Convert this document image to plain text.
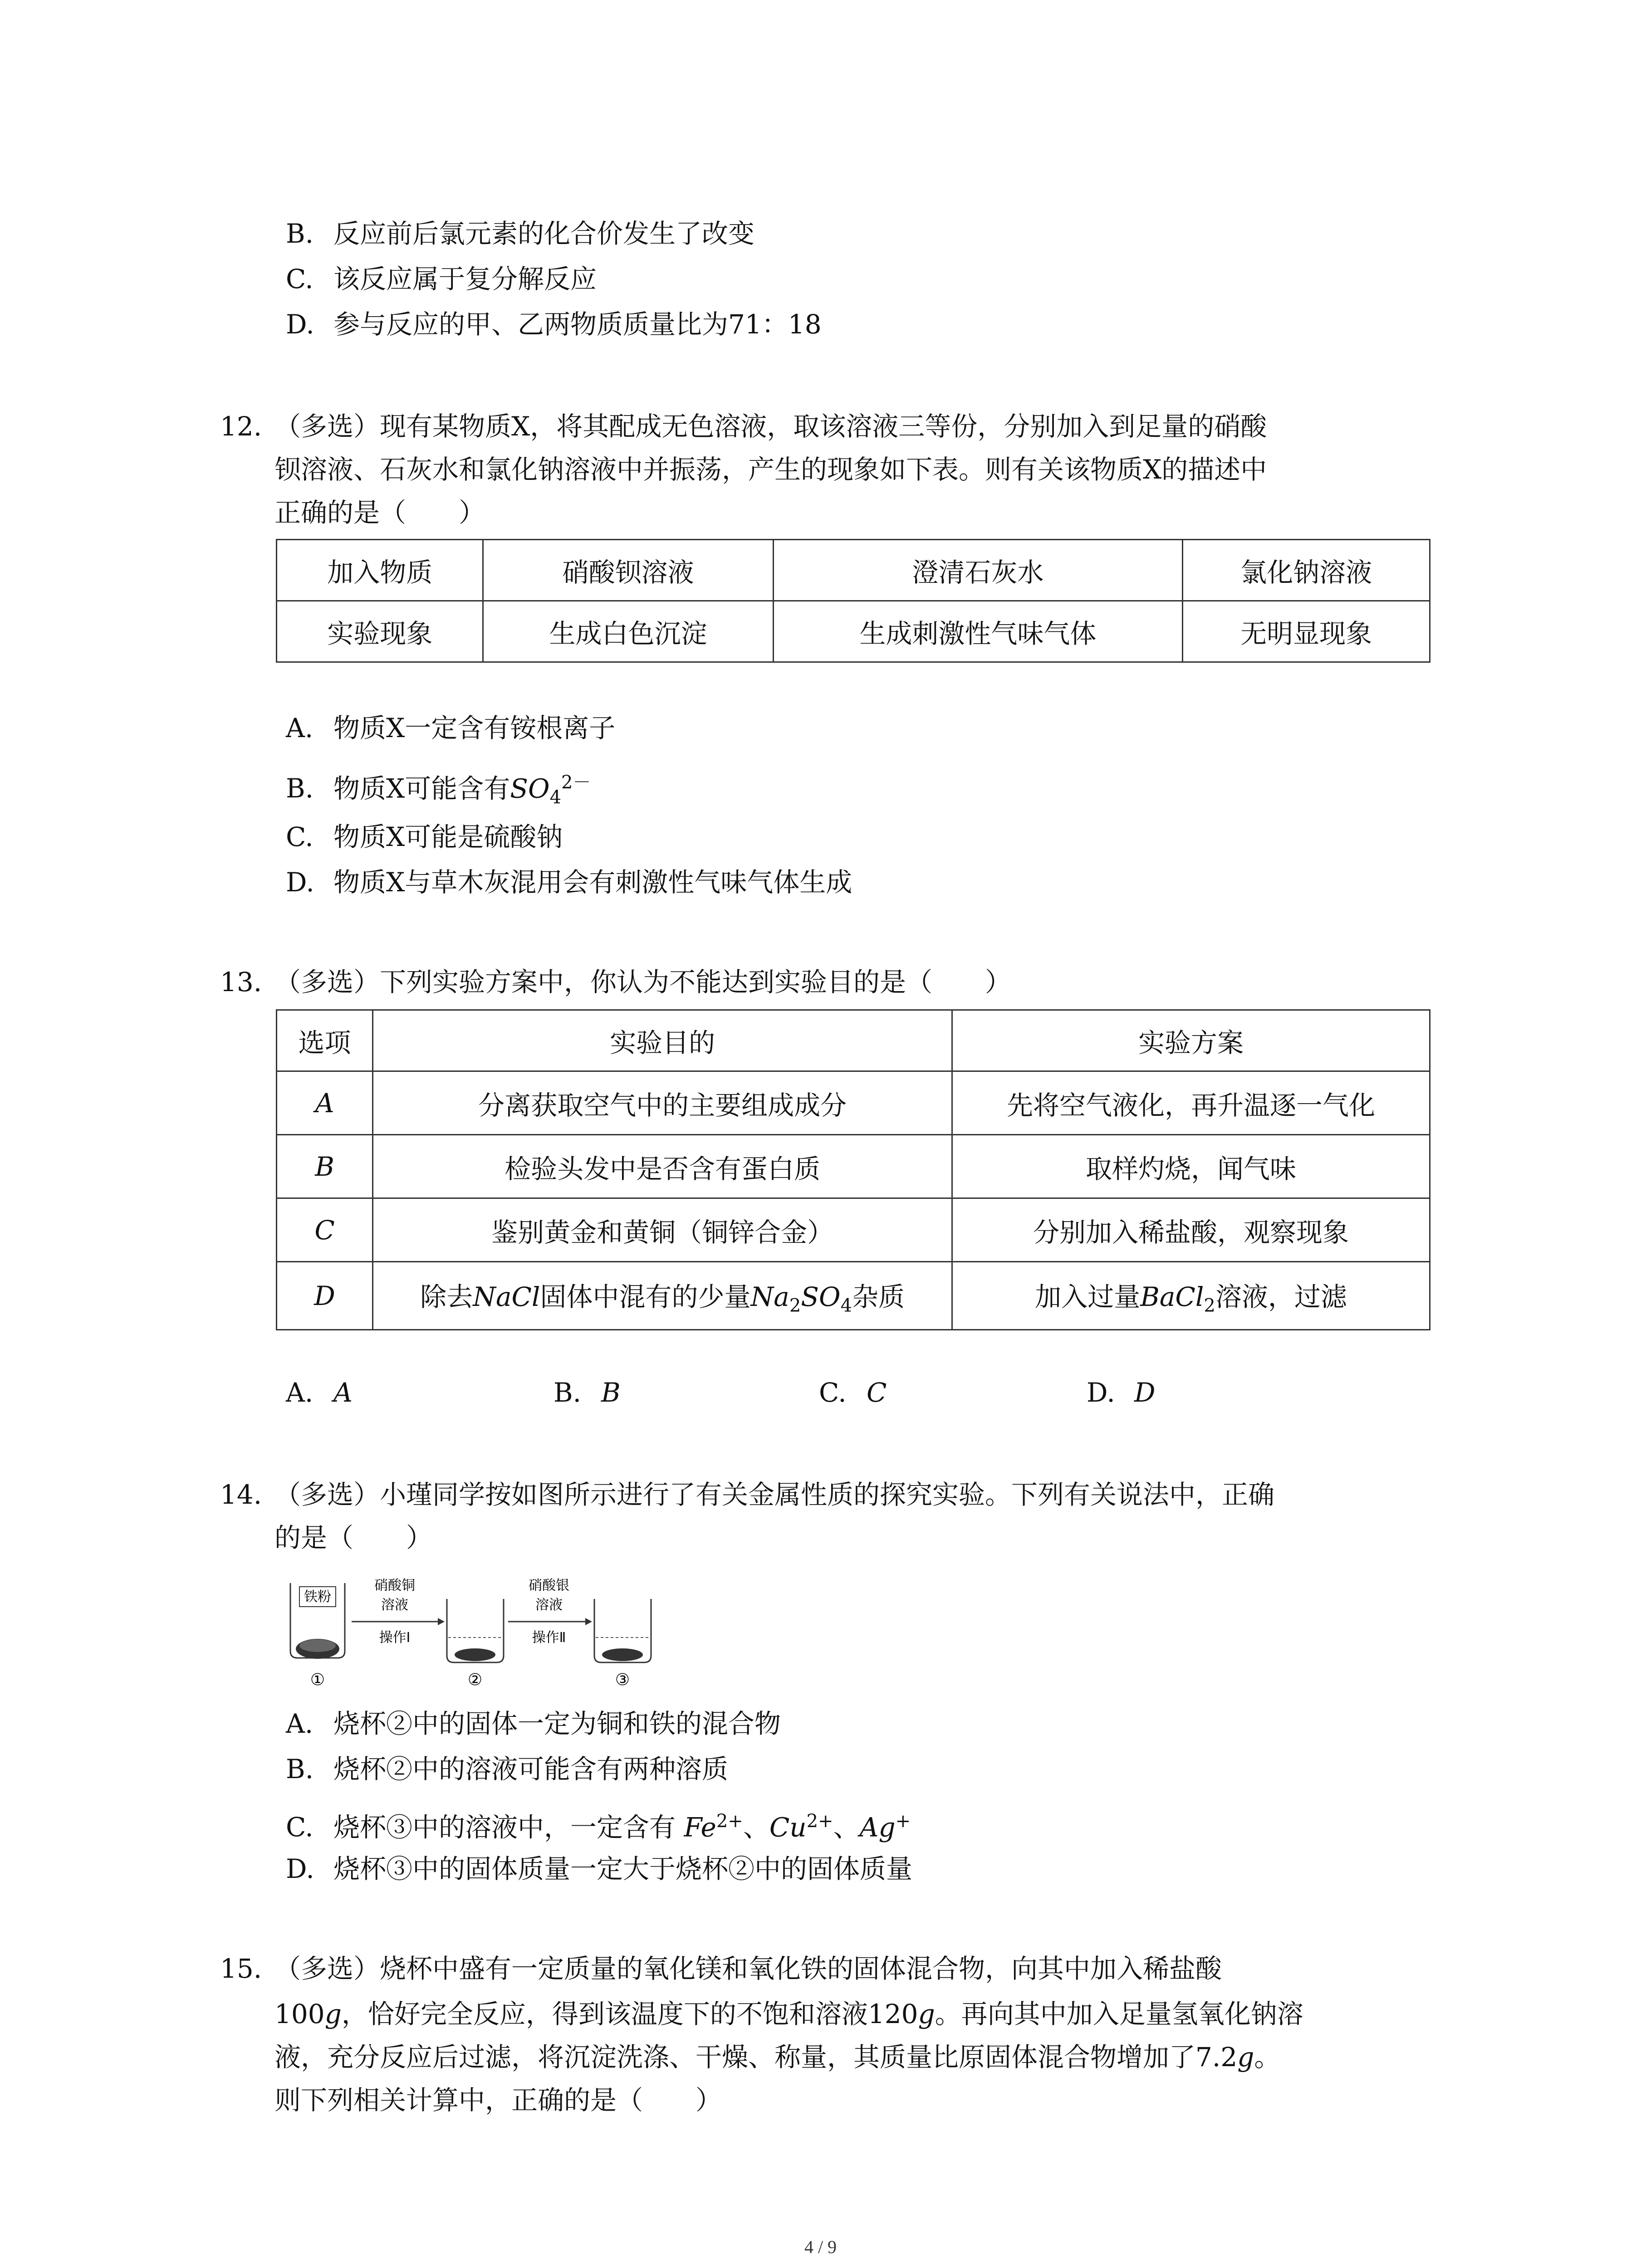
B. 反应前后氯元素的化合价发生了改变
C. 该反应属于复分解反应
D. 参与反应的甲、乙两物质质量比为71：18
12. （多选）现有某物质X，将其配成无色溶液，取该溶液三等份，分别加入到足量的硝酸
钡溶液、石灰水和氯化钠溶液中并振荡，产生的现象如下表。则有关该物质X的描述中
正确的是（　　）
加入物质	硝酸钡溶液	澄清石灰水	氯化钠溶液
实验现象	生成白色沉淀	生成刺激性气味气体	无明显现象
A. 物质X一定含有铵根离子
B. 物质X可能含有$SO_4^{2-}$
C. 物质X可能是硫酸钠
D. 物质X与草木灰混用会有刺激性气味气体生成
13. （多选）下列实验方案中，你认为不能达到实验目的是（　　）
选项	实验目的	实验方案
A	分离获取空气中的主要组成成分	先将空气液化，再升温逐一气化
B	检验头发中是否含有蛋白质	取样灼烧，闻气味
C	鉴别黄金和黄铜（铜锌合金）	分别加入稀盐酸，观察现象
D	除去NaCl固体中混有的少量$Na_2SO_4$杂质	加入过量BaCl$_2$溶液，过滤
A. A	B. B	C. C	D. D
14. （多选）小瑾同学按如图所示进行了有关金属性质的探究实验。下列有关说法中，正确
的是（　　）
铁粉
硝酸铜
溶液
操作Ⅰ
硝酸银
溶液
操作Ⅱ
①	②	③
A. 烧杯②中的固体一定为铜和铁的混合物
B. 烧杯②中的溶液可能含有两种溶质
C. 烧杯③中的溶液中，一定含有 $Fe^{2+}$、$Cu^{2+}$、Ag+
D. 烧杯③中的固体质量一定大于烧杯②中的固体质量
15. （多选）烧杯中盛有一定质量的氧化镁和氧化铁的固体混合物，向其中加入稀盐酸
100g，恰好完全反应，得到该温度下的不饱和溶液120g。再向其中加入足量氢氧化钠溶
液，充分反应后过滤，将沉淀洗涤、干燥、称量，其质量比原固体混合物增加了7.2g。
则下列相关计算中，正确的是（　　）
4 / 9
